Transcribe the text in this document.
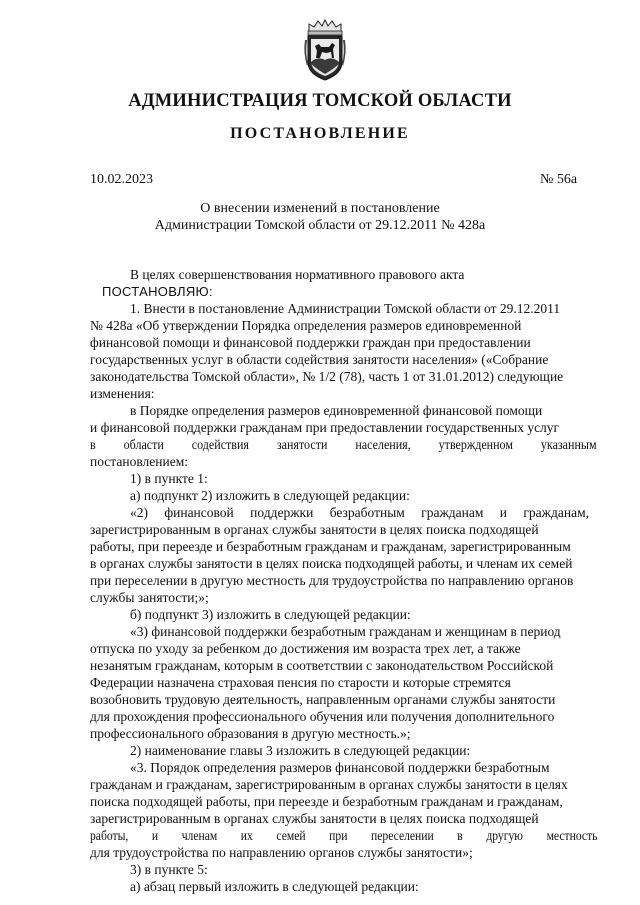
АДМИНИСТРАЦИЯ ТОМСКОЙ ОБЛАСТИ
ПОСТАНОВЛЕНИЕ
10.02.2023	№ 56а
О внесении изменений в постановление
Администрации Томской области от 29.12.2011 № 428а
В целях совершенствования нормативного правового акта
ПОСТАНОВЛЯЮ:
1. Внести в постановление Администрации Томской области от 29.12.2011
№ 428а «Об утверждении Порядка определения размеров единовременной
финансовой помощи и финансовой поддержки граждан при предоставлении
государственных услуг в области содействия занятости населения» («Собрание
законодательства Томской области», № 1/2 (78), часть 1 от 31.01.2012) следующие
изменения:
в Порядке определения размеров единовременной финансовой помощи
и финансовой поддержки гражданам при предоставлении государственных услуг
в области содействия занятости населения, утвержденном указанным
постановлением:
1) в пункте 1:
а) подпункт 2) изложить в следующей редакции:
«2) финансовой поддержки безработным гражданам и гражданам,
зарегистрированным в органах службы занятости в целях поиска подходящей
работы, при переезде и безработным гражданам и гражданам, зарегистрированным
в органах службы занятости в целях поиска подходящей работы, и членам их семей
при переселении в другую местность для трудоустройства по направлению органов
службы занятости;»;
б) подпункт 3) изложить в следующей редакции:
«3) финансовой поддержки безработным гражданам и женщинам в период
отпуска по уходу за ребенком до достижения им возраста трех лет, а также
незанятым гражданам, которым в соответствии с законодательством Российской
Федерации назначена страховая пенсия по старости и которые стремятся
возобновить трудовую деятельность, направленным органами службы занятости
для прохождения профессионального обучения или получения дополнительного
профессионального образования в другую местность.»;
2) наименование главы 3 изложить в следующей редакции:
«3. Порядок определения размеров финансовой поддержки безработным
гражданам и гражданам, зарегистрированным в органах службы занятости в целях
поиска подходящей работы, при переезде и безработным гражданам и гражданам,
зарегистрированным в органах службы занятости в целях поиска подходящей
работы, и членам их семей при переселении в другую местность
для трудоустройства по направлению органов службы занятости»;
3) в пункте 5:
а) абзац первый изложить в следующей редакции:
